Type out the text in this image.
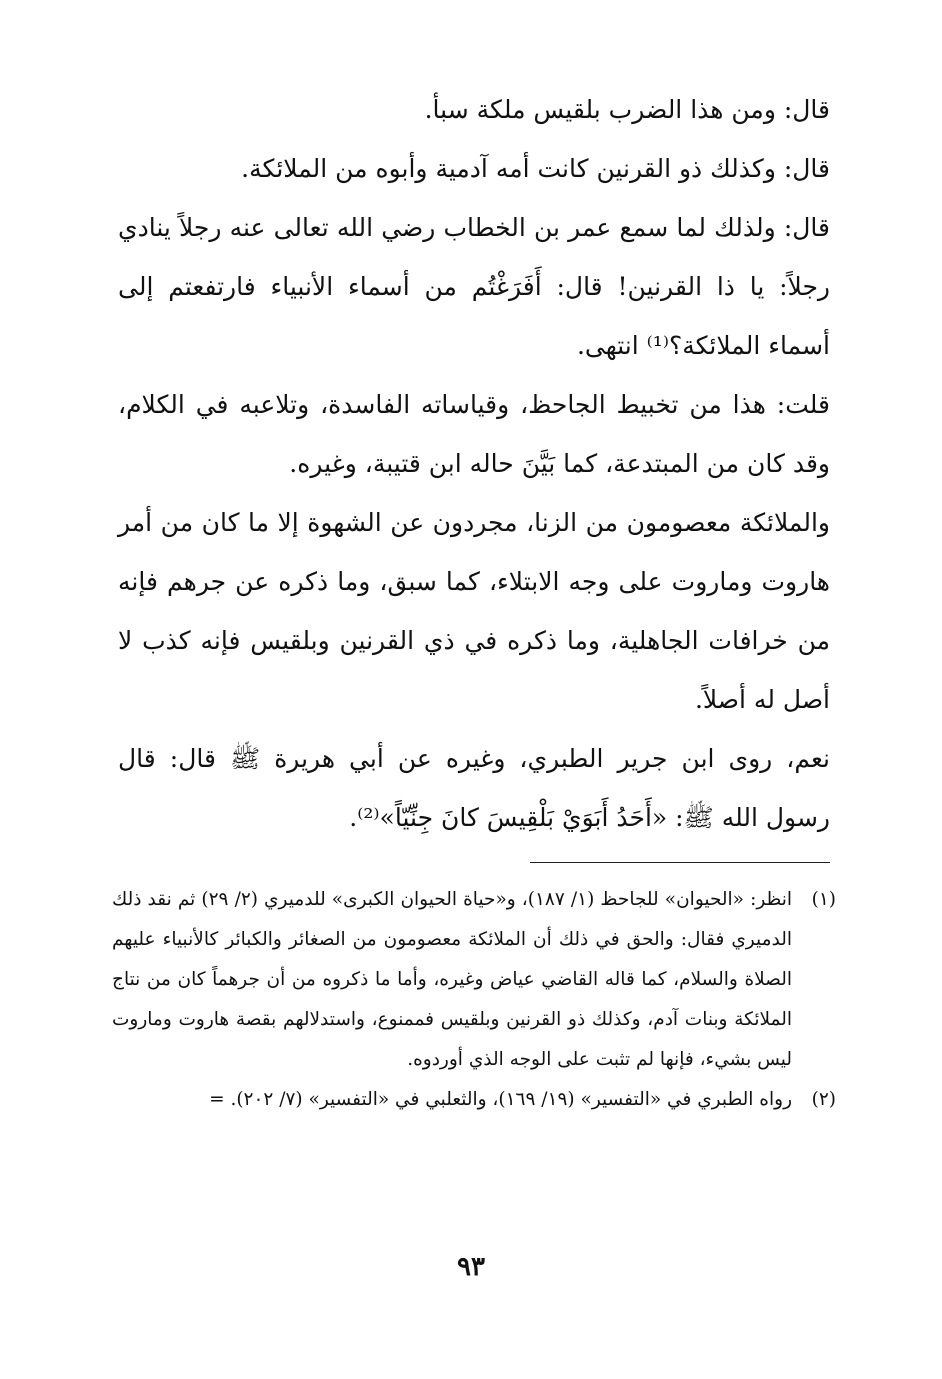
قال: ومن هذا الضرب بلقيس ملكة سبأ.

قال: وكذلك ذو القرنين كانت أمه آدمية وأبوه من الملائكة.

قال: ولذلك لما سمع عمر بن الخطاب رضي الله تعالى عنه رجلاً ينادي رجلاً: يا ذا القرنين! قال: أَفَرَغْتُم من أسماء الأنبياء فارتفعتم إلى أسماء الملائكة؟⁽¹⁾ انتهى.

قلت: هذا من تخبيط الجاحظ، وقياساته الفاسدة، وتلاعبه في الكلام، وقد كان من المبتدعة، كما بَيَّنَ حاله ابن قتيبة، وغيره.

والملائكة معصومون من الزنا، مجردون عن الشهوة إلا ما كان من أمر هاروت وماروت على وجه الابتلاء، كما سبق، وما ذكره عن جرهم فإنه من خرافات الجاهلية، وما ذكره في ذي القرنين وبلقيس فإنه كذب لا أصل له أصلاً.

نعم، روى ابن جرير الطبري، وغيره عن أبي هريرة ﷺ قال: قال رسول الله ﷺ: «أَحَدُ أَبَوَيْ بَلْقِيسَ كانَ جِنِّيّاً»⁽²⁾.

(١)
انظر: «الحيوان» للجاحظ (١/ ١٨٧)، و«حياة الحيوان الكبرى» للدميري (٢/ ٢٩) ثم نقد ذلك الدميري فقال: والحق في ذلك أن الملائكة معصومون من الصغائر والكبائر كالأنبياء عليهم الصلاة والسلام، كما قاله القاضي عياض وغيره، وأما ما ذكروه من أن جرهماً كان من نتاج الملائكة وبنات آدم، وكذلك ذو القرنين وبلقيس فممنوع، واستدلالهم بقصة هاروت وماروت ليس بشيء، فإنها لم تثبت على الوجه الذي أوردوه.
(٢)
رواه الطبري في «التفسير» (١٩/ ١٦٩)، والثعلبي في «التفسير» (٧/ ٢٠٢). =
٩٣
